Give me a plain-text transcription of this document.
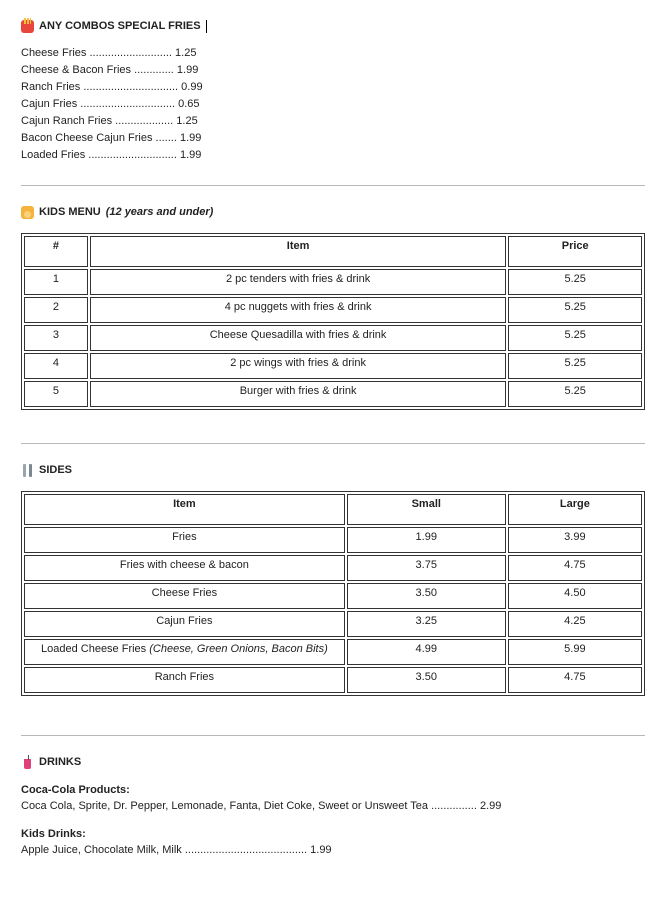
ANY COMBOS SPECIAL FRIES
Cheese Fries ........................... 1.25
Cheese & Bacon Fries ............. 1.99
Ranch Fries ............................... 0.99
Cajun Fries ............................... 0.65
Cajun Ranch Fries ................... 1.25
Bacon Cheese Cajun Fries ....... 1.99
Loaded Fries ............................. 1.99
KIDS MENU (12 years and under)
#	Item	Price
1	2 pc tenders with fries & drink	5.25
2	4 pc nuggets with fries & drink	5.25
3	Cheese Quesadilla with fries & drink	5.25
4	2 pc wings with fries & drink	5.25
5	Burger with fries & drink	5.25
SIDES
Item	Small	Large
Fries	1.99	3.99
Fries with cheese & bacon	3.75	4.75
Cheese Fries	3.50	4.50
Cajun Fries	3.25	4.25
Loaded Cheese Fries (Cheese, Green Onions, Bacon Bits)	4.99	5.99
Ranch Fries	3.50	4.75
DRINKS
Coca-Cola Products:
Coca Cola, Sprite, Dr. Pepper, Lemonade, Fanta, Diet Coke, Sweet or Unsweet Tea ............... 2.99
Kids Drinks:
Apple Juice, Chocolate Milk, Milk ........................................ 1.99
